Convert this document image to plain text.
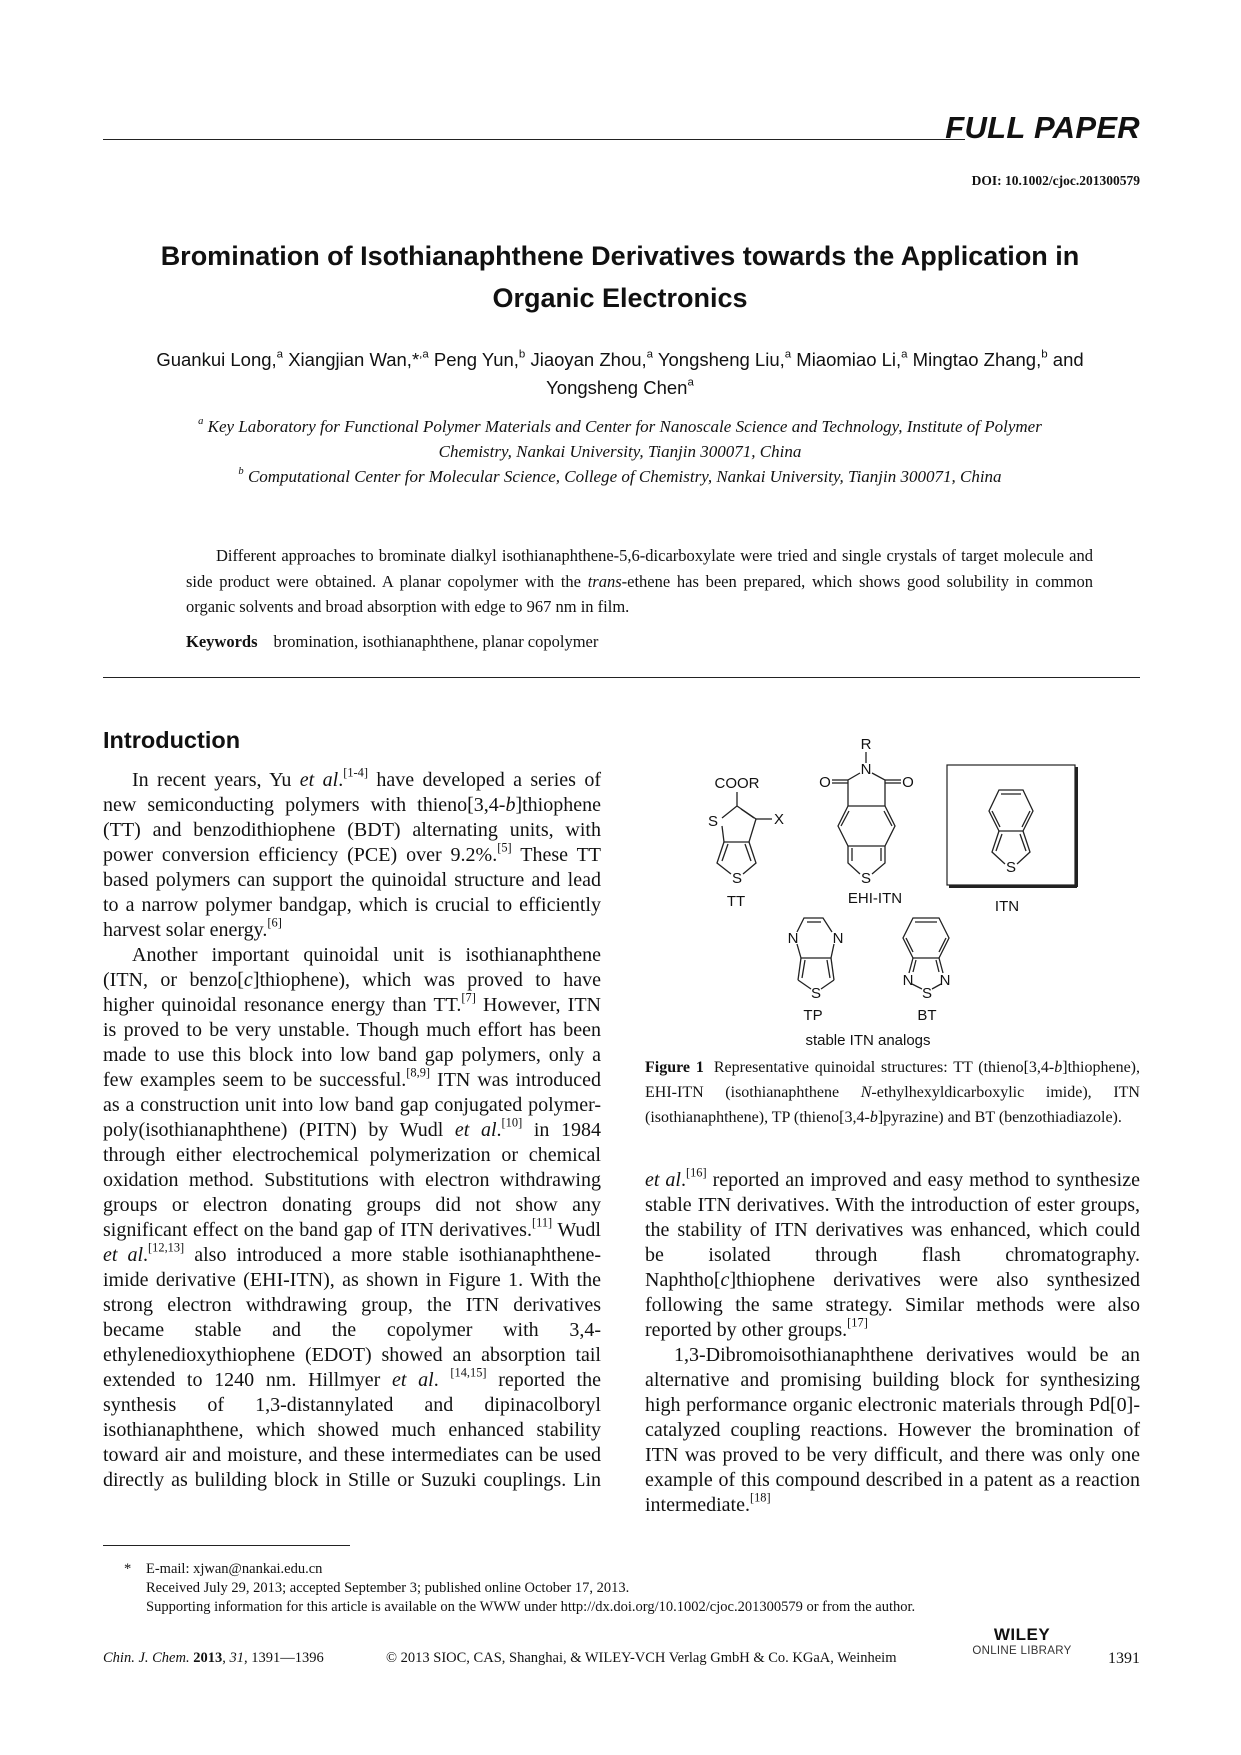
FULL PAPER
DOI: 10.1002/cjoc.201300579
Bromination of Isothianaphthene Derivatives towards the Application in Organic Electronics
Guankui Long,$^a$ Xiangjian Wan,*$^{,a}$ Peng Yun,$^b$ Jiaoyan Zhou,$^a$ Yongsheng Liu,$^a$ Miaomiao Li,$^a$ Mingtao Zhang,$^b$ and Yongsheng Chen$^a$
$^a$ Key Laboratory for Functional Polymer Materials and Center for Nanoscale Science and Technology, Institute of Polymer Chemistry, Nankai University, Tianjin 300071, China
$^b$ Computational Center for Molecular Science, College of Chemistry, Nankai University, Tianjin 300071, China
Different approaches to brominate dialkyl isothianaphthene-5,6-dicarboxylate were tried and single crystals of target molecule and side product were obtained. A planar copolymer with the trans-ethene has been prepared, which shows good solubility in common organic solvents and broad absorption with edge to 967 nm in film.
Keywords bromination, isothianaphthene, planar copolymer
Introduction

In recent years, Yu et al.[1-4] have developed a series of new semiconducting polymers with thieno[3,4-b]thiophene (TT) and benzodithiophene (BDT) alternating units, with power conversion efficiency (PCE) over 9.2%.[5] These TT based polymers can support the quinoidal structure and lead to a narrow polymer bandgap, which is crucial to efficiently harvest solar energy.[6]

Another important quinoidal unit is isothianaphthene (ITN, or benzo[c]thiophene), which was proved to have higher quinoidal resonance energy than TT.[7] However, ITN is proved to be very unstable. Though much effort has been made to use this block into low band gap polymers, only a few examples seem to be successful.[8,9] ITN was introduced as a construction unit into low band gap conjugated polymer-poly(isothianaphthene) (PITN) by Wudl et al.[10] in 1984 through either electrochemical polymerization or chemical oxidation method. Substitutions with electron withdrawing groups or electron donating groups did not show any significant effect on the band gap of ITN derivatives.[11] Wudl et al.[12,13] also introduced a more stable isothianaphthene-imide derivative (EHI-ITN), as shown in Figure 1. With the strong electron withdrawing group, the ITN derivatives became stable and the copolymer with 3,4-ethylenedioxythiophene (EDOT) showed an absorption tail extended to 1240 nm. Hillmyer et al. [14,15] reported the synthesis of 1,3-distannylated and dipinacolboryl isothianaphthene, which showed much enhanced stability toward air and moisture, and these intermediates can be used directly as bulilding block in Stille or Suzuki couplings. Lin

COOR
S	X
S
TT
R
N
O	O
S
EHI-ITN
S
ITN
N N
S
TP
N
S
N
BT
stable ITN analogs
Figure 1 Representative quinoidal structures: TT (thieno[3,4-b]thiophene), EHI-ITN (isothianaphthene N-ethylhexyldicarboxylic imide), ITN (isothianaphthene), TP (thieno[3,4-b]pyrazine) and BT (benzothiadiazole).

et al.[16] reported an improved and easy method to synthesize stable ITN derivatives. With the introduction of ester groups, the stability of ITN derivatives was enhanced, which could be isolated through flash chromatography. Naphtho[c]thiophene derivatives were also synthesized following the same strategy. Similar methods were also reported by other groups.[17]

1,3-Dibromoisothianaphthene derivatives would be an alternative and promising building block for synthesizing high performance organic electronic materials through Pd[0]-catalyzed coupling reactions. However the bromination of ITN was proved to be very difficult, and there was only one example of this compound described in a patent as a reaction intermediate.[18]

*	E-mail: xjwan@nankai.edu.cn
Received July 29, 2013; accepted September 3; published online October 17, 2013.
Supporting information for this article is available on the WWW under http://dx.doi.org/10.1002/cjoc.201300579 or from the author.
Chin. J. Chem. 2013, 31, 1391—1396	© 2013 SIOC, CAS, Shanghai, & WILEY-VCH Verlag GmbH & Co. KGaA, Weinheim
WILEY
ONLINE LIBRARY	1391
